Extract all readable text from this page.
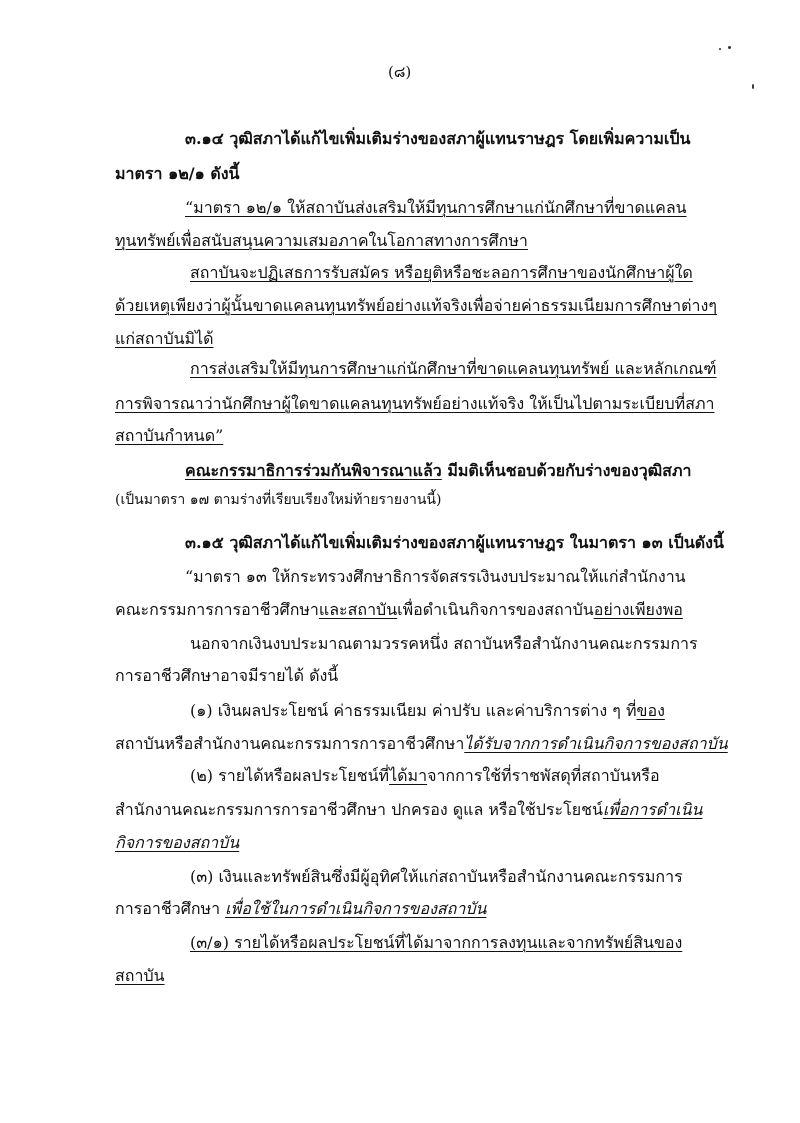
(๘)
๓.๑๔ วุฒิสภาได้แก้ไขเพิ่มเติมร่างของสภาผู้แทนราษฎร โดยเพิ่มความเป็น
มาตรา ๑๒/๑ ดังนี้
“มาตรา ๑๒/๑ ให้สถาบันส่งเสริมให้มีทุนการศึกษาแก่นักศึกษาที่ขาดแคลน
ทุนทรัพย์เพื่อสนับสนุนความเสมอภาคในโอกาสทางการศึกษา
สถาบันจะปฏิเสธการรับสมัคร หรือยุติหรือชะลอการศึกษาของนักศึกษาผู้ใด
ด้วยเหตุเพียงว่าผู้นั้นขาดแคลนทุนทรัพย์อย่างแท้จริงเพื่อจ่ายค่าธรรมเนียมการศึกษาต่างๆ
แก่สถาบันมิได้
การส่งเสริมให้มีทุนการศึกษาแก่นักศึกษาที่ขาดแคลนทุนทรัพย์ และหลักเกณฑ์
การพิจารณาว่านักศึกษาผู้ใดขาดแคลนทุนทรัพย์อย่างแท้จริง ให้เป็นไปตามระเบียบที่สภา
สถาบันกำหนด”
คณะกรรมาธิการร่วมกันพิจารณาแล้ว มีมติเห็นชอบด้วยกับร่างของวุฒิสภา
(เป็นมาตรา ๑๗ ตามร่างที่เรียบเรียงใหม่ท้ายรายงานนี้)
๓.๑๕ วุฒิสภาได้แก้ไขเพิ่มเติมร่างของสภาผู้แทนราษฎร ในมาตรา ๑๓ เป็นดังนี้
“มาตรา ๑๓ ให้กระทรวงศึกษาธิการจัดสรรเงินงบประมาณให้แก่สำนักงาน
คณะกรรมการการอาชีวศึกษาและสถาบันเพื่อดำเนินกิจการของสถาบันอย่างเพียงพอ
นอกจากเงินงบประมาณตามวรรคหนึ่ง สถาบันหรือสำนักงานคณะกรรมการ
การอาชีวศึกษาอาจมีรายได้ ดังนี้
(๑) เงินผลประโยชน์ ค่าธรรมเนียม ค่าปรับ และค่าบริการต่าง ๆ ที่ของ
สถาบันหรือสำนักงานคณะกรรมการการอาชีวศึกษาได้รับจากการดำเนินกิจการของสถาบัน
(๒) รายได้หรือผลประโยชน์ที่ได้มาจากการใช้ที่ราชพัสดุที่สถาบันหรือ
สำนักงานคณะกรรมการการอาชีวศึกษา ปกครอง ดูแล หรือใช้ประโยชน์เพื่อการดำเนิน
กิจการของสถาบัน
(๓) เงินและทรัพย์สินซึ่งมีผู้อุทิศให้แก่สถาบันหรือสำนักงานคณะกรรมการ
การอาชีวศึกษา เพื่อใช้ในการดำเนินกิจการของสถาบัน
(๓/๑) รายได้หรือผลประโยชน์ที่ได้มาจากการลงทุนและจากทรัพย์สินของ
สถาบัน
